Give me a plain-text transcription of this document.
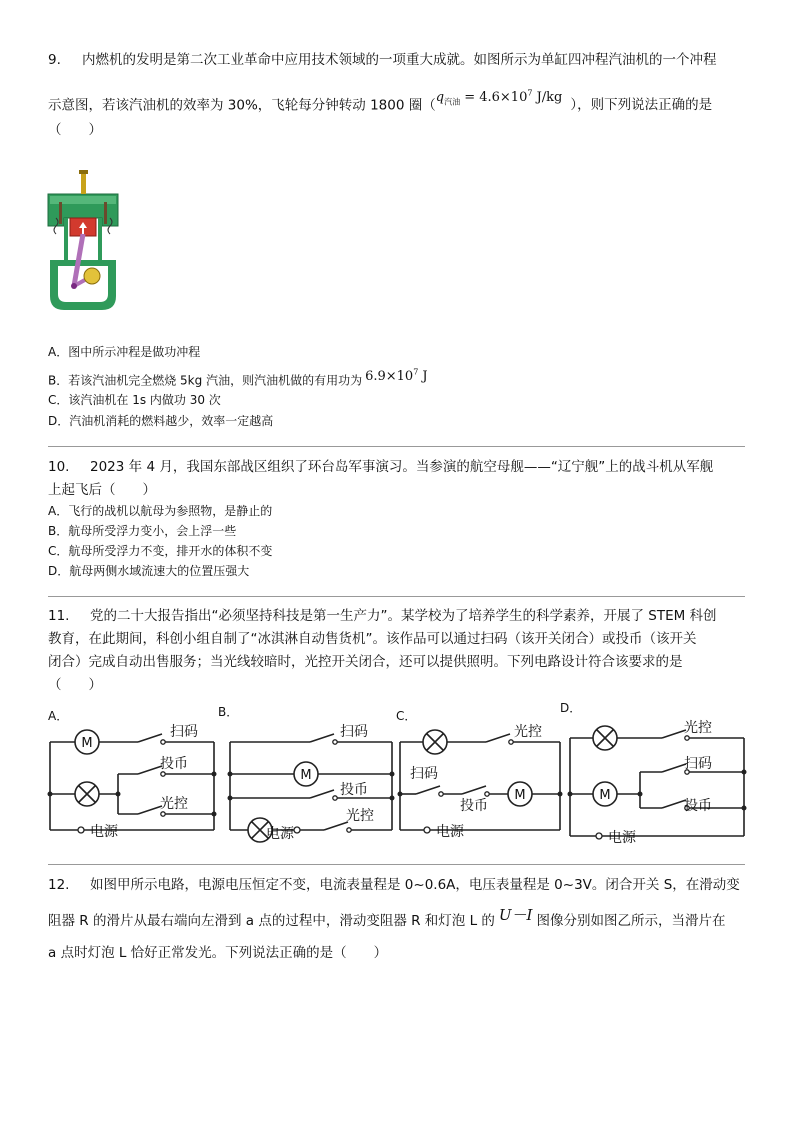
9. 内燃机的发明是第二次工业革命中应用技术领域的一项重大成就。如图所示为单缸四冲程汽油机的一个冲程
示意图，若该汽油机的效率为 30%，飞轮每分钟转动 1800 圈（$q_{汽油} = 4.6\times 10^7$ J/kg ），则下列说法正确的是
（　　）
A．图中所示冲程是做功冲程
B．若该汽油机完全燃烧 5kg 汽油，则汽油机做的有用功为 $6.9\times 10^7$ J
C．该汽油机在 1s 内做功 30 次
D．汽油机消耗的燃料越少，效率一定越高
10. 2023 年 4 月，我国东部战区组织了环台岛军事演习。当参演的航空母舰——“辽宁舰”上的战斗机从军舰
上起飞后（　　）
A．飞行的战机以航母为参照物，是静止的
B．航母所受浮力变小，会上浮一些
C．航母所受浮力不变，排开水的体积不变
D．航母两侧水域流速大的位置压强大
11. 党的二十大报告指出“必须坚持科技是第一生产力”。某学校为了培养学生的科学素养，开展了 STEM 科创
教育，在此期间，科创小组自制了“冰淇淋自动售货机”。该作品可以通过扫码（该开关闭合）或投币（该开关
闭合）完成自动出售服务；当光线较暗时，光控开关闭合，还可以提供照明。下列电路设计符合该要求的是
（　　）
M
M
M	M
A．
扫码
投币
光控
电源
B．
扫码
投币
光控
电源
C．
光控
扫码
投币
电源
D．
光控
扫码
投币
电源
12. 如图甲所示电路，电源电压恒定不变，电流表量程是 0~0.6A，电压表量程是 0~3V。闭合开关 S，在滑动变
阻器 R 的滑片从最右端向左滑到 a 点的过程中，滑动变阻器 R 和灯泡 L 的 U－I 图像分别如图乙所示，当滑片在
a 点时灯泡 L 恰好正常发光。下列说法正确的是（　　）
